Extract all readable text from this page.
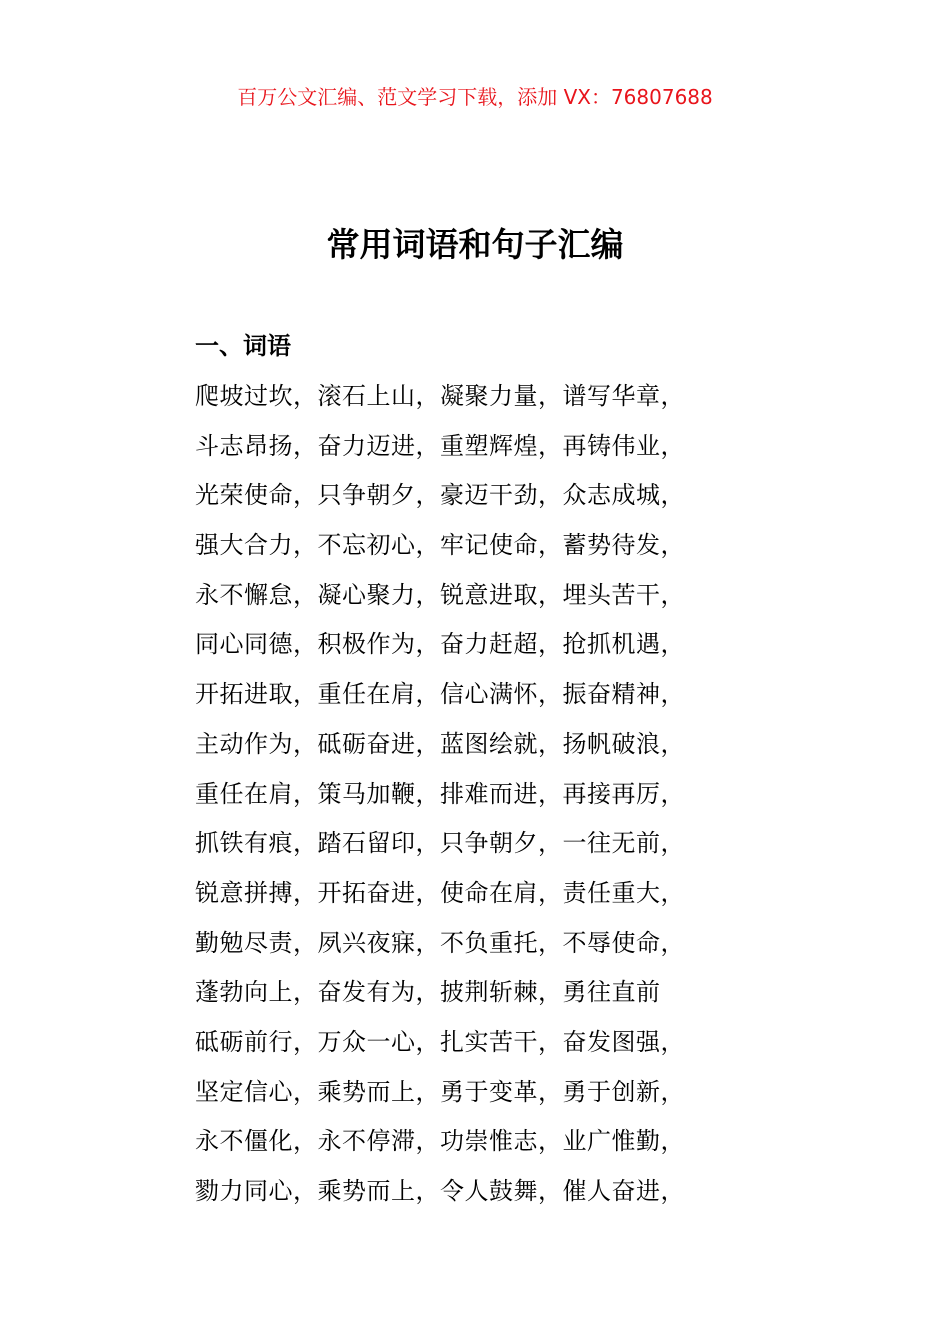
百万公文汇编、范文学习下载，添加 VX：76807688
常用词语和句子汇编
一、词语
爬坡过坎，滚石上山，凝聚力量，谱写华章，
斗志昂扬，奋力迈进，重塑辉煌，再铸伟业，
光荣使命，只争朝夕，豪迈干劲，众志成城，
强大合力，不忘初心，牢记使命，蓄势待发，
永不懈怠，凝心聚力，锐意进取，埋头苦干，
同心同德，积极作为，奋力赶超，抢抓机遇，
开拓进取，重任在肩，信心满怀，振奋精神，
主动作为，砥砺奋进，蓝图绘就，扬帆破浪，
重任在肩，策马加鞭，排难而进，再接再厉，
抓铁有痕，踏石留印，只争朝夕，一往无前，
锐意拼搏，开拓奋进，使命在肩，责任重大，
勤勉尽责，夙兴夜寐，不负重托，不辱使命，
蓬勃向上，奋发有为，披荆斩棘，勇往直前
砥砺前行，万众一心，扎实苦干，奋发图强，
坚定信心，乘势而上，勇于变革，勇于创新，
永不僵化，永不停滞，功崇惟志，业广惟勤，
勠力同心，乘势而上，令人鼓舞，催人奋进，
